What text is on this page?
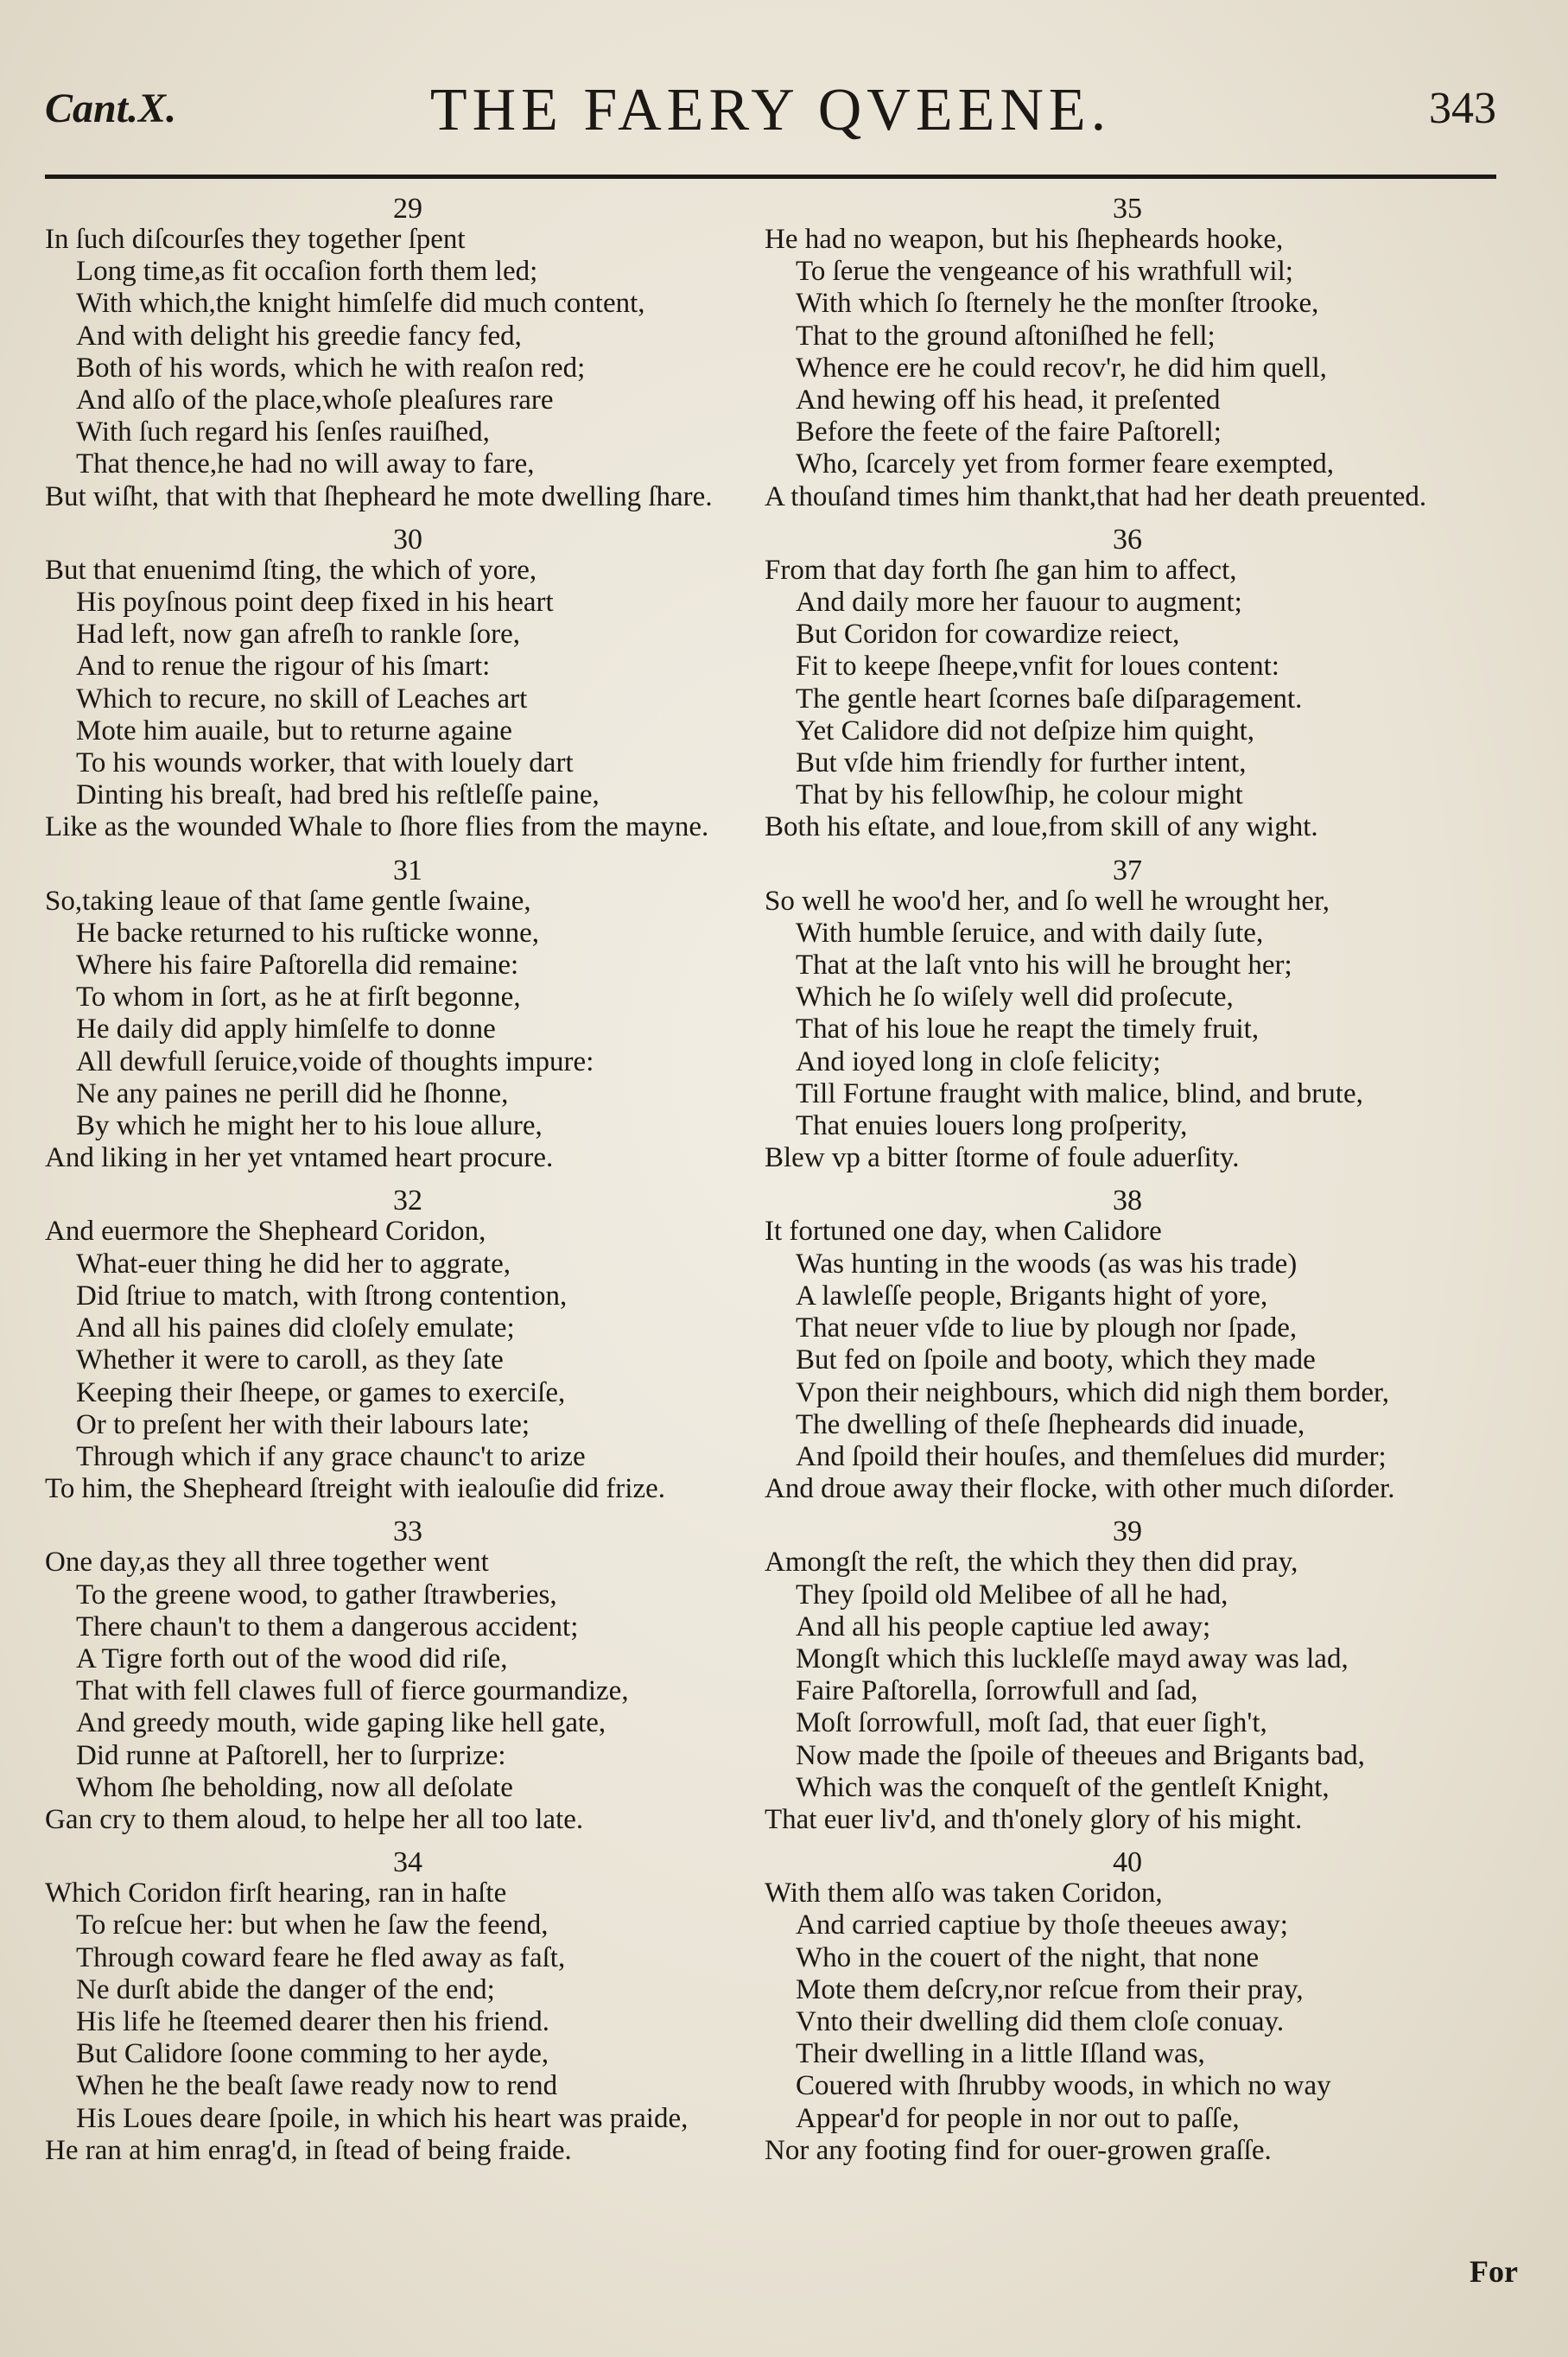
Cant.X.	THE FAERY QVEENE.	343
29
In ſuch diſcourſes they together ſpent
Long time,as fit occaſion forth them led;
With which,the knight himſelfe did much content,
And with delight his greedie fancy fed,
Both of his words, which he with reaſon red;
And alſo of the place,whoſe pleaſures rare
With ſuch regard his ſenſes rauiſhed,
That thence,he had no will away to fare,
But wiſht, that with that ſhepheard he mote dwelling ſhare.
30
But that enuenimd ſting, the which of yore,
His poyſnous point deep fixed in his heart
Had left, now gan afreſh to rankle ſore,
And to renue the rigour of his ſmart:
Which to recure, no skill of Leaches art
Mote him auaile, but to returne againe
To his wounds worker, that with louely dart
Dinting his breaſt, had bred his reſtleſſe paine,
Like as the wounded Whale to ſhore flies from the mayne.
31
So,taking leaue of that ſame gentle ſwaine,
He backe returned to his ruſticke wonne,
Where his faire Paſtorella did remaine:
To whom in ſort, as he at firſt begonne,
He daily did apply himſelfe to donne
All dewfull ſeruice,voide of thoughts impure:
Ne any paines ne perill did he ſhonne,
By which he might her to his loue allure,
And liking in her yet vntamed heart procure.
32
And euermore the Shepheard Coridon,
What-euer thing he did her to aggrate,
Did ſtriue to match, with ſtrong contention,
And all his paines did cloſely emulate;
Whether it were to caroll, as they ſate
Keeping their ſheepe, or games to exerciſe,
Or to preſent her with their labours late;
Through which if any grace chaunc't to arize
To him, the Shepheard ſtreight with iealouſie did frize.
33
One day,as they all three together went
To the greene wood, to gather ſtrawberies,
There chaun't to them a dangerous accident;
A Tigre forth out of the wood did riſe,
That with fell clawes full of fierce gourmandize,
And greedy mouth, wide gaping like hell gate,
Did runne at Paſtorell, her to ſurprize:
Whom ſhe beholding, now all deſolate
Gan cry to them aloud, to helpe her all too late.
34
Which Coridon firſt hearing, ran in haſte
To reſcue her: but when he ſaw the feend,
Through coward feare he fled away as faſt,
Ne durſt abide the danger of the end;
His life he ſteemed dearer then his friend.
But Calidore ſoone comming to her ayde,
When he the beaſt ſawe ready now to rend
His Loues deare ſpoile, in which his heart was praide,
He ran at him enrag'd, in ſtead of being fraide.
35
He had no weapon, but his ſhepheards hooke,
To ſerue the vengeance of his wrathfull wil;
With which ſo ſternely he the monſter ſtrooke,
That to the ground aſtoniſhed he fell;
Whence ere he could recov'r, he did him quell,
And hewing off his head, it preſented
Before the feete of the faire Paſtorell;
Who, ſcarcely yet from former feare exempted,
A thouſand times him thankt,that had her death preuented.
36
From that day forth ſhe gan him to affect,
And daily more her fauour to augment;
But Coridon for cowardize reiect,
Fit to keepe ſheepe,vnfit for loues content:
The gentle heart ſcornes baſe diſparagement.
Yet Calidore did not deſpize him quight,
But vſde him friendly for further intent,
That by his fellowſhip, he colour might
Both his eſtate, and loue,from skill of any wight.
37
So well he woo'd her, and ſo well he wrought her,
With humble ſeruice, and with daily ſute,
That at the laſt vnto his will he brought her;
Which he ſo wiſely well did proſecute,
That of his loue he reapt the timely fruit,
And ioyed long in cloſe felicity;
Till Fortune fraught with malice, blind, and brute,
That enuies louers long proſperity,
Blew vp a bitter ſtorme of foule aduerſity.
38
It fortuned one day, when Calidore
Was hunting in the woods (as was his trade)
A lawleſſe people, Brigants hight of yore,
That neuer vſde to liue by plough nor ſpade,
But fed on ſpoile and booty, which they made
Vpon their neighbours, which did nigh them border,
The dwelling of theſe ſhepheards did inuade,
And ſpoild their houſes, and themſelues did murder;
And droue away their flocke, with other much diſorder.
39
Amongſt the reſt, the which they then did pray,
They ſpoild old Melibee of all he had,
And all his people captiue led away;
Mongſt which this luckleſſe mayd away was lad,
Faire Paſtorella, ſorrowfull and ſad,
Moſt ſorrowfull, moſt ſad, that euer ſigh't,
Now made the ſpoile of theeues and Brigants bad,
Which was the conqueſt of the gentleſt Knight,
That euer liv'd, and th'onely glory of his might.
40
With them alſo was taken Coridon,
And carried captiue by thoſe theeues away;
Who in the couert of the night, that none
Mote them deſcry,nor reſcue from their pray,
Vnto their dwelling did them cloſe conuay.
Their dwelling in a little Iſland was,
Couered with ſhrubby woods, in which no way
Appear'd for people in nor out to paſſe,
Nor any footing find for ouer-growen graſſe.
For
